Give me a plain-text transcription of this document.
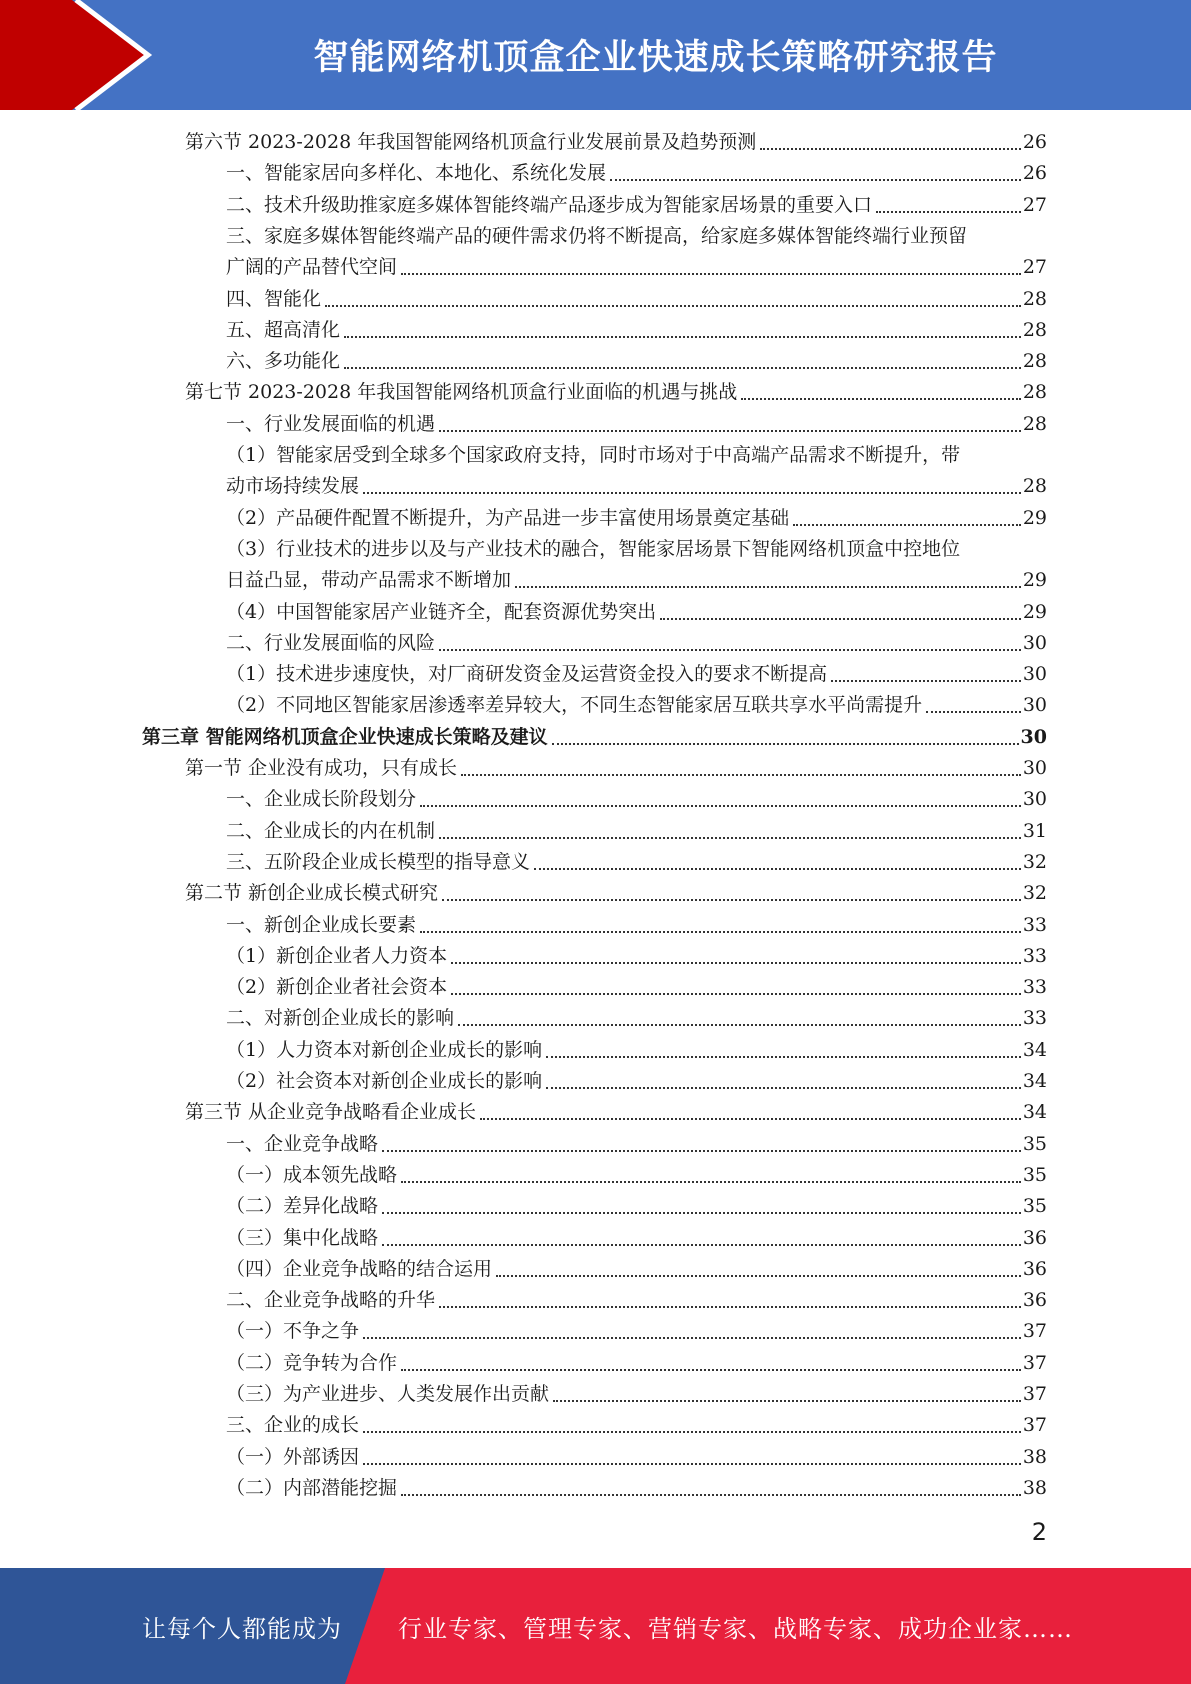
智能网络机顶盒企业快速成长策略研究报告
第六节 2023-2028 年我国智能网络机顶盒行业发展前景及趋势预测	26
一、智能家居向多样化、本地化、系统化发展	26
二、技术升级助推家庭多媒体智能终端产品逐步成为智能家居场景的重要入口	27
三、家庭多媒体智能终端产品的硬件需求仍将不断提高，给家庭多媒体智能终端行业预留
广阔的产品替代空间	27
四、智能化	28
五、超高清化	28
六、多功能化	28
第七节 2023-2028 年我国智能网络机顶盒行业面临的机遇与挑战	28
一、行业发展面临的机遇	28
（1）智能家居受到全球多个国家政府支持，同时市场对于中高端产品需求不断提升，带
动市场持续发展	28
（2）产品硬件配置不断提升，为产品进一步丰富使用场景奠定基础	29
（3）行业技术的进步以及与产业技术的融合，智能家居场景下智能网络机顶盒中控地位
日益凸显，带动产品需求不断增加	29
（4）中国智能家居产业链齐全，配套资源优势突出	29
二、行业发展面临的风险	30
（1）技术进步速度快，对厂商研发资金及运营资金投入的要求不断提高	30
（2）不同地区智能家居渗透率差异较大，不同生态智能家居互联共享水平尚需提升	30
第三章 智能网络机顶盒企业快速成长策略及建议	30
第一节 企业没有成功，只有成长	30
一、企业成长阶段划分	30
二、企业成长的内在机制	31
三、五阶段企业成长模型的指导意义	32
第二节 新创企业成长模式研究	32
一、新创企业成长要素	33
（1）新创企业者人力资本	33
（2）新创企业者社会资本	33
二、对新创企业成长的影响	33
（1）人力资本对新创企业成长的影响	34
（2）社会资本对新创企业成长的影响	34
第三节 从企业竞争战略看企业成长	34
一、企业竞争战略	35
（一）成本领先战略	35
（二）差异化战略	35
（三）集中化战略	36
（四）企业竞争战略的结合运用	36
二、企业竞争战略的升华	36
（一）不争之争	37
（二）竞争转为合作	37
（三）为产业进步、人类发展作出贡献	37
三、企业的成长	37
（一）外部诱因	38
（二）内部潜能挖掘	38
2
让每个人都能成为 行业专家、管理专家、营销专家、战略专家、成功企业家……
